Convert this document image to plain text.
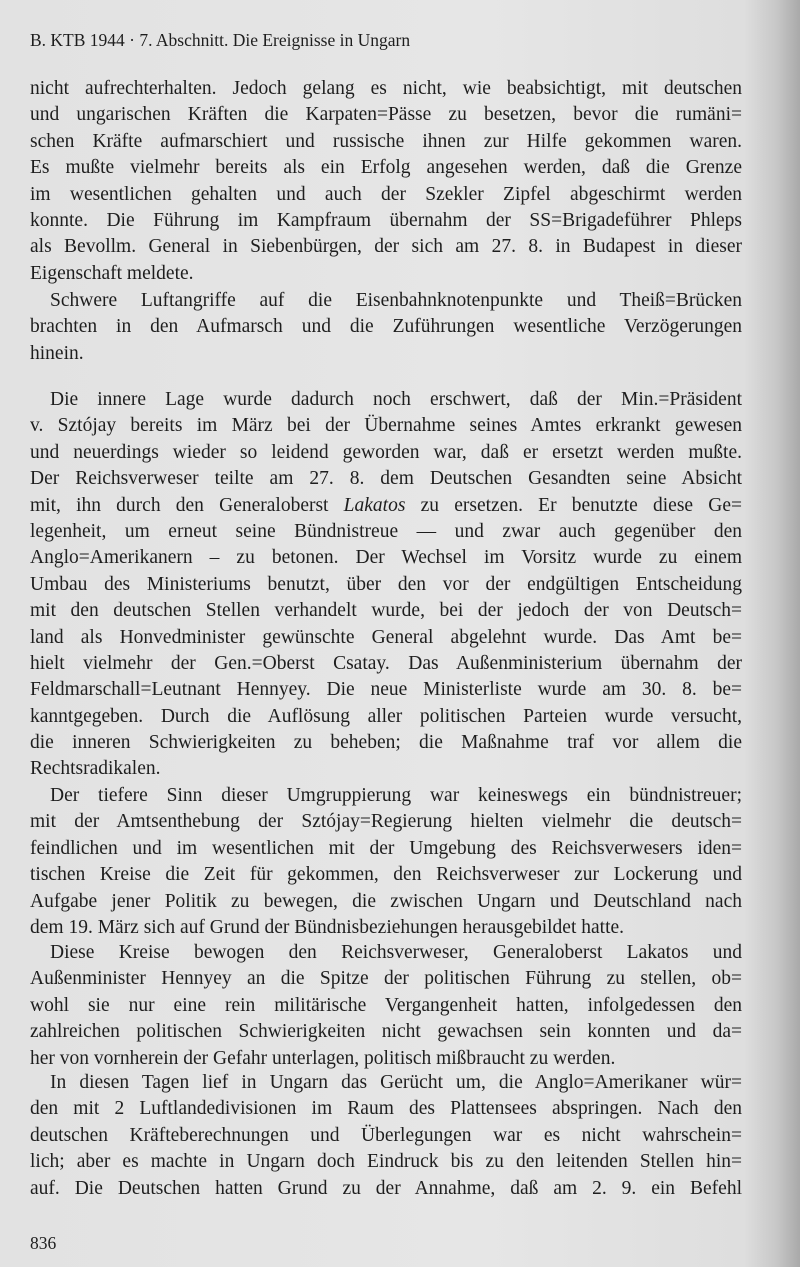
B. KTB 1944 · 7. Abschnitt. Die Ereignisse in Ungarn
nicht aufrechterhalten. Jedoch gelang es nicht, wie beabsichtigt, mit deutschen
und ungarischen Kräften die Karpaten=Pässe zu besetzen, bevor die rumäni=
schen Kräfte aufmarschiert und russische ihnen zur Hilfe gekommen waren.
Es mußte vielmehr bereits als ein Erfolg angesehen werden, daß die Grenze
im wesentlichen gehalten und auch der Szekler Zipfel abgeschirmt werden
konnte. Die Führung im Kampfraum übernahm der SS=Brigadeführer Phleps
als Bevollm. General in Siebenbürgen, der sich am 27. 8. in Budapest in dieser
Eigenschaft meldete.
Schwere Luftangriffe auf die Eisenbahnknotenpunkte und Theiß=Brücken
brachten in den Aufmarsch und die Zuführungen wesentliche Verzögerungen
hinein.
Die innere Lage wurde dadurch noch erschwert, daß der Min.=Präsident
v. Sztójay bereits im März bei der Übernahme seines Amtes erkrankt gewesen
und neuerdings wieder so leidend geworden war, daß er ersetzt werden mußte.
Der Reichsverweser teilte am 27. 8. dem Deutschen Gesandten seine Absicht
mit, ihn durch den Generaloberst Lakatos zu ersetzen. Er benutzte diese Ge=
legenheit, um erneut seine Bündnistreue — und zwar auch gegenüber den
Anglo=Amerikanern – zu betonen. Der Wechsel im Vorsitz wurde zu einem
Umbau des Ministeriums benutzt, über den vor der endgültigen Entscheidung
mit den deutschen Stellen verhandelt wurde, bei der jedoch der von Deutsch=
land als Honvedminister gewünschte General abgelehnt wurde. Das Amt be=
hielt vielmehr der Gen.=Oberst Csatay. Das Außenministerium übernahm der
Feldmarschall=Leutnant Hennyey. Die neue Ministerliste wurde am 30. 8. be=
kanntgegeben. Durch die Auflösung aller politischen Parteien wurde versucht,
die inneren Schwierigkeiten zu beheben; die Maßnahme traf vor allem die
Rechtsradikalen.
Der tiefere Sinn dieser Umgruppierung war keineswegs ein bündnistreuer;
mit der Amtsenthebung der Sztójay=Regierung hielten vielmehr die deutsch=
feindlichen und im wesentlichen mit der Umgebung des Reichsverwesers iden=
tischen Kreise die Zeit für gekommen, den Reichsverweser zur Lockerung und
Aufgabe jener Politik zu bewegen, die zwischen Ungarn und Deutschland nach
dem 19. März sich auf Grund der Bündnisbeziehungen herausgebildet hatte.
Diese Kreise bewogen den Reichsverweser, Generaloberst Lakatos und
Außenminister Hennyey an die Spitze der politischen Führung zu stellen, ob=
wohl sie nur eine rein militärische Vergangenheit hatten, infolgedessen den
zahlreichen politischen Schwierigkeiten nicht gewachsen sein konnten und da=
her von vornherein der Gefahr unterlagen, politisch mißbraucht zu werden.
In diesen Tagen lief in Ungarn das Gerücht um, die Anglo=Amerikaner wür=
den mit 2 Luftlandedivisionen im Raum des Plattensees abspringen. Nach den
deutschen Kräfteberechnungen und Überlegungen war es nicht wahrschein=
lich; aber es machte in Ungarn doch Eindruck bis zu den leitenden Stellen hin=
auf. Die Deutschen hatten Grund zu der Annahme, daß am 2. 9. ein Befehl
836
